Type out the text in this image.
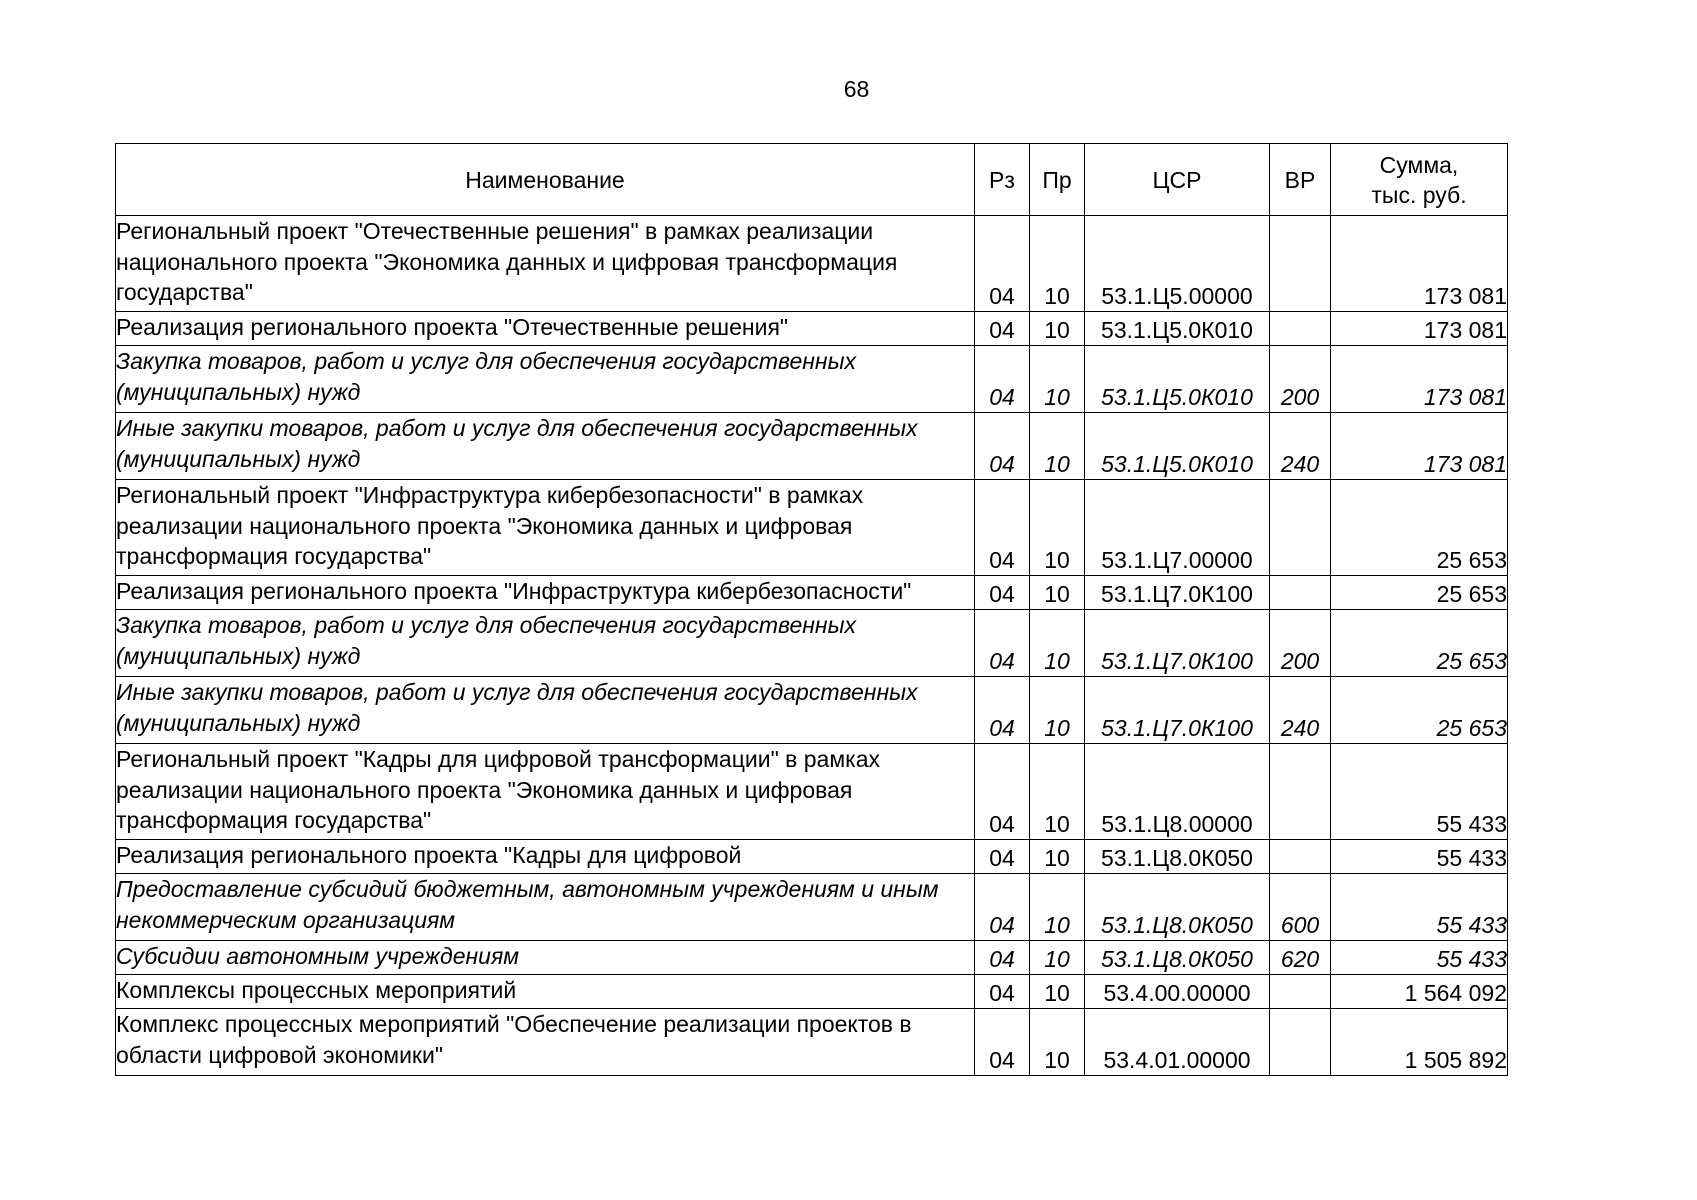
68
Наименование	Рз	Пр	ЦСР	ВР	Сумма,
тыс. руб.
Региональный проект "Отечественные решения" в рамках реализации национального проекта "Экономика данных и цифровая трансформация государства"	04	10	53.1.Ц5.00000		173 081
Реализация регионального проекта "Отечественные решения"	04	10	53.1.Ц5.0К010		173 081
Закупка товаров, работ и услуг для обеспечения государственных (муниципальных) нужд	04	10	53.1.Ц5.0К010	200	173 081
Иные закупки товаров, работ и услуг для обеспечения государственных (муниципальных) нужд	04	10	53.1.Ц5.0К010	240	173 081
Региональный проект "Инфраструктура кибербезопасности" в рамках реализации национального проекта "Экономика данных и цифровая трансформация государства"	04	10	53.1.Ц7.00000		25 653
Реализация регионального проекта "Инфраструктура кибербезопасности"	04	10	53.1.Ц7.0К100		25 653
Закупка товаров, работ и услуг для обеспечения государственных (муниципальных) нужд	04	10	53.1.Ц7.0К100	200	25 653
Иные закупки товаров, работ и услуг для обеспечения государственных (муниципальных) нужд	04	10	53.1.Ц7.0К100	240	25 653
Региональный проект "Кадры для цифровой трансформации" в рамках реализации национального проекта "Экономика данных и цифровая трансформация государства"	04	10	53.1.Ц8.00000		55 433
Реализация регионального проекта "Кадры для цифровой	04	10	53.1.Ц8.0К050		55 433
Предоставление субсидий бюджетным, автономным учреждениям и иным некоммерческим организациям	04	10	53.1.Ц8.0К050	600	55 433
Субсидии автономным учреждениям	04	10	53.1.Ц8.0К050	620	55 433
Комплексы процессных мероприятий	04	10	53.4.00.00000		1 564 092
Комплекс процессных мероприятий "Обеспечение реализации проектов в области цифровой экономики"	04	10	53.4.01.00000		1 505 892
